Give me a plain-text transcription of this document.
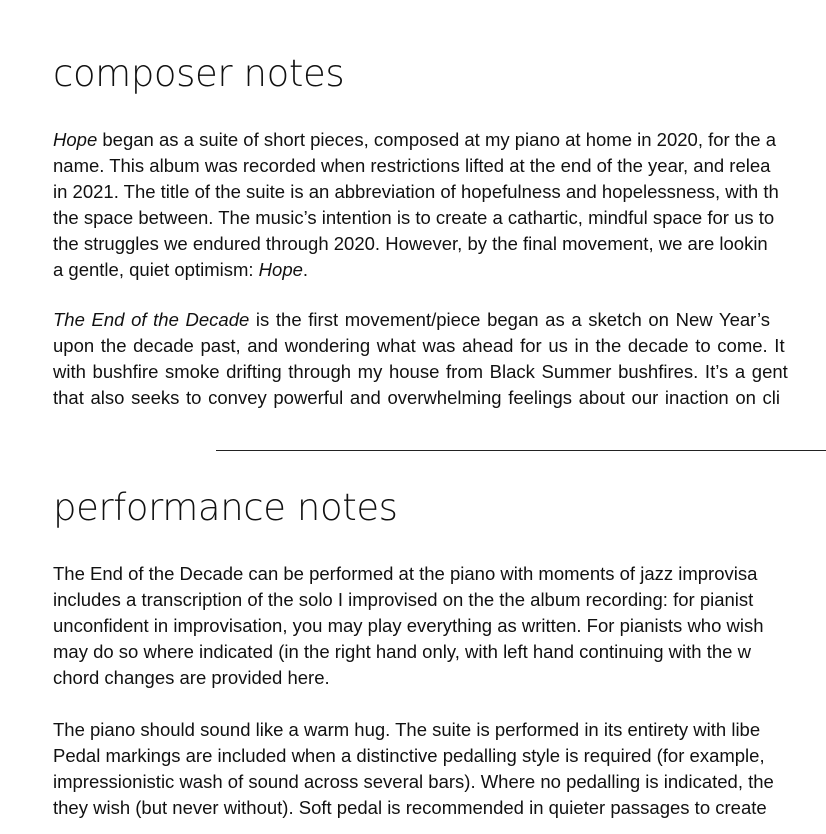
composer notes
Hope began as a suite of short pieces, composed at my piano at home in 2020, for the a
name. This album was recorded when restrictions lifted at the end of the year, and relea
in 2021. The title of the suite is an abbreviation of hopefulness and hopelessness, with th
the space between. The music’s intention is to create a cathartic, mindful space for us to
the struggles we endured through 2020. However, by the final movement, we are lookin
a gentle, quiet optimism: Hope.
The End of the Decade is the first movement/piece began as a sketch on New Year’s
upon the decade past, and wondering what was ahead for us in the decade to come. It
with bushfire smoke drifting through my house from Black Summer bushfires. It’s a gent
that also seeks to convey powerful and overwhelming feelings about our inaction on cli
performance notes
The End of the Decade can be performed at the piano with moments of jazz improvisa
includes a transcription of the solo I improvised on the the album recording: for pianist
unconfident in improvisation, you may play everything as written. For pianists who wish
may do so where indicated (in the right hand only, with left hand continuing with the w
chord changes are provided here.
The piano should sound like a warm hug. The suite is performed in its entirety with libe
Pedal markings are included when a distinctive pedalling style is required (for example,
impressionistic wash of sound across several bars). Where no pedalling is indicated, the
they wish (but never without). Soft pedal is recommended in quieter passages to create
